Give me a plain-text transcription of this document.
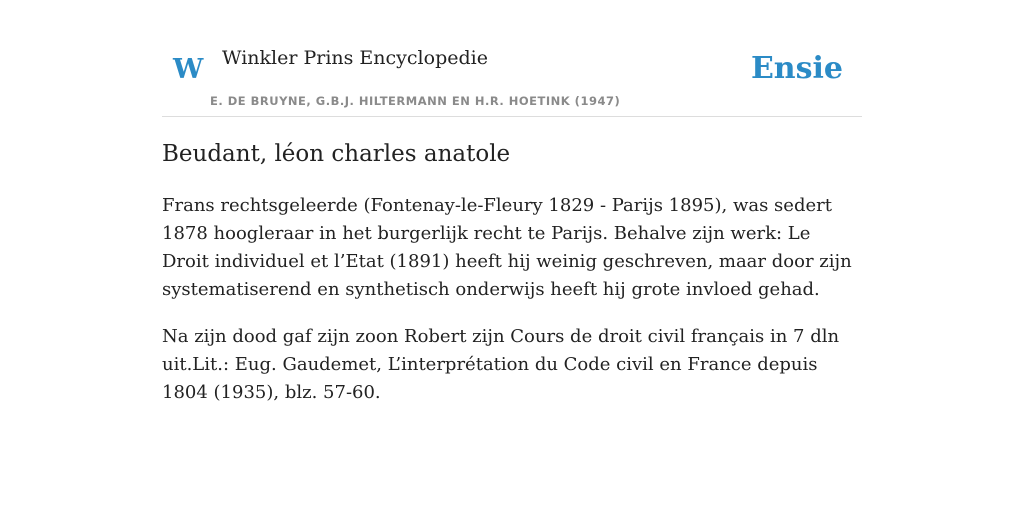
W Winkler Prins Encyclopedie
E. DE BRUYNE, G.B.J. HILTERMANN EN H.R. HOETINK (1947)
Ensie
Beudant, léon charles anatole

Frans rechtsgeleerde (Fontenay-le-Fleury 1829 - Parijs 1895), was sedert 1878 hoogleraar in het burgerlijk recht te Parijs. Behalve zijn werk: Le Droit individuel et l’Etat (1891) heeft hij weinig geschreven, maar door zijn systematiserend en synthetisch onderwijs heeft hij grote invloed gehad.

Na zijn dood gaf zijn zoon Robert zijn Cours de droit civil français in 7 dln uit.Lit.: Eug. Gaudemet, L’interprétation du Code civil en France depuis 1804 (1935), blz. 57-60.
